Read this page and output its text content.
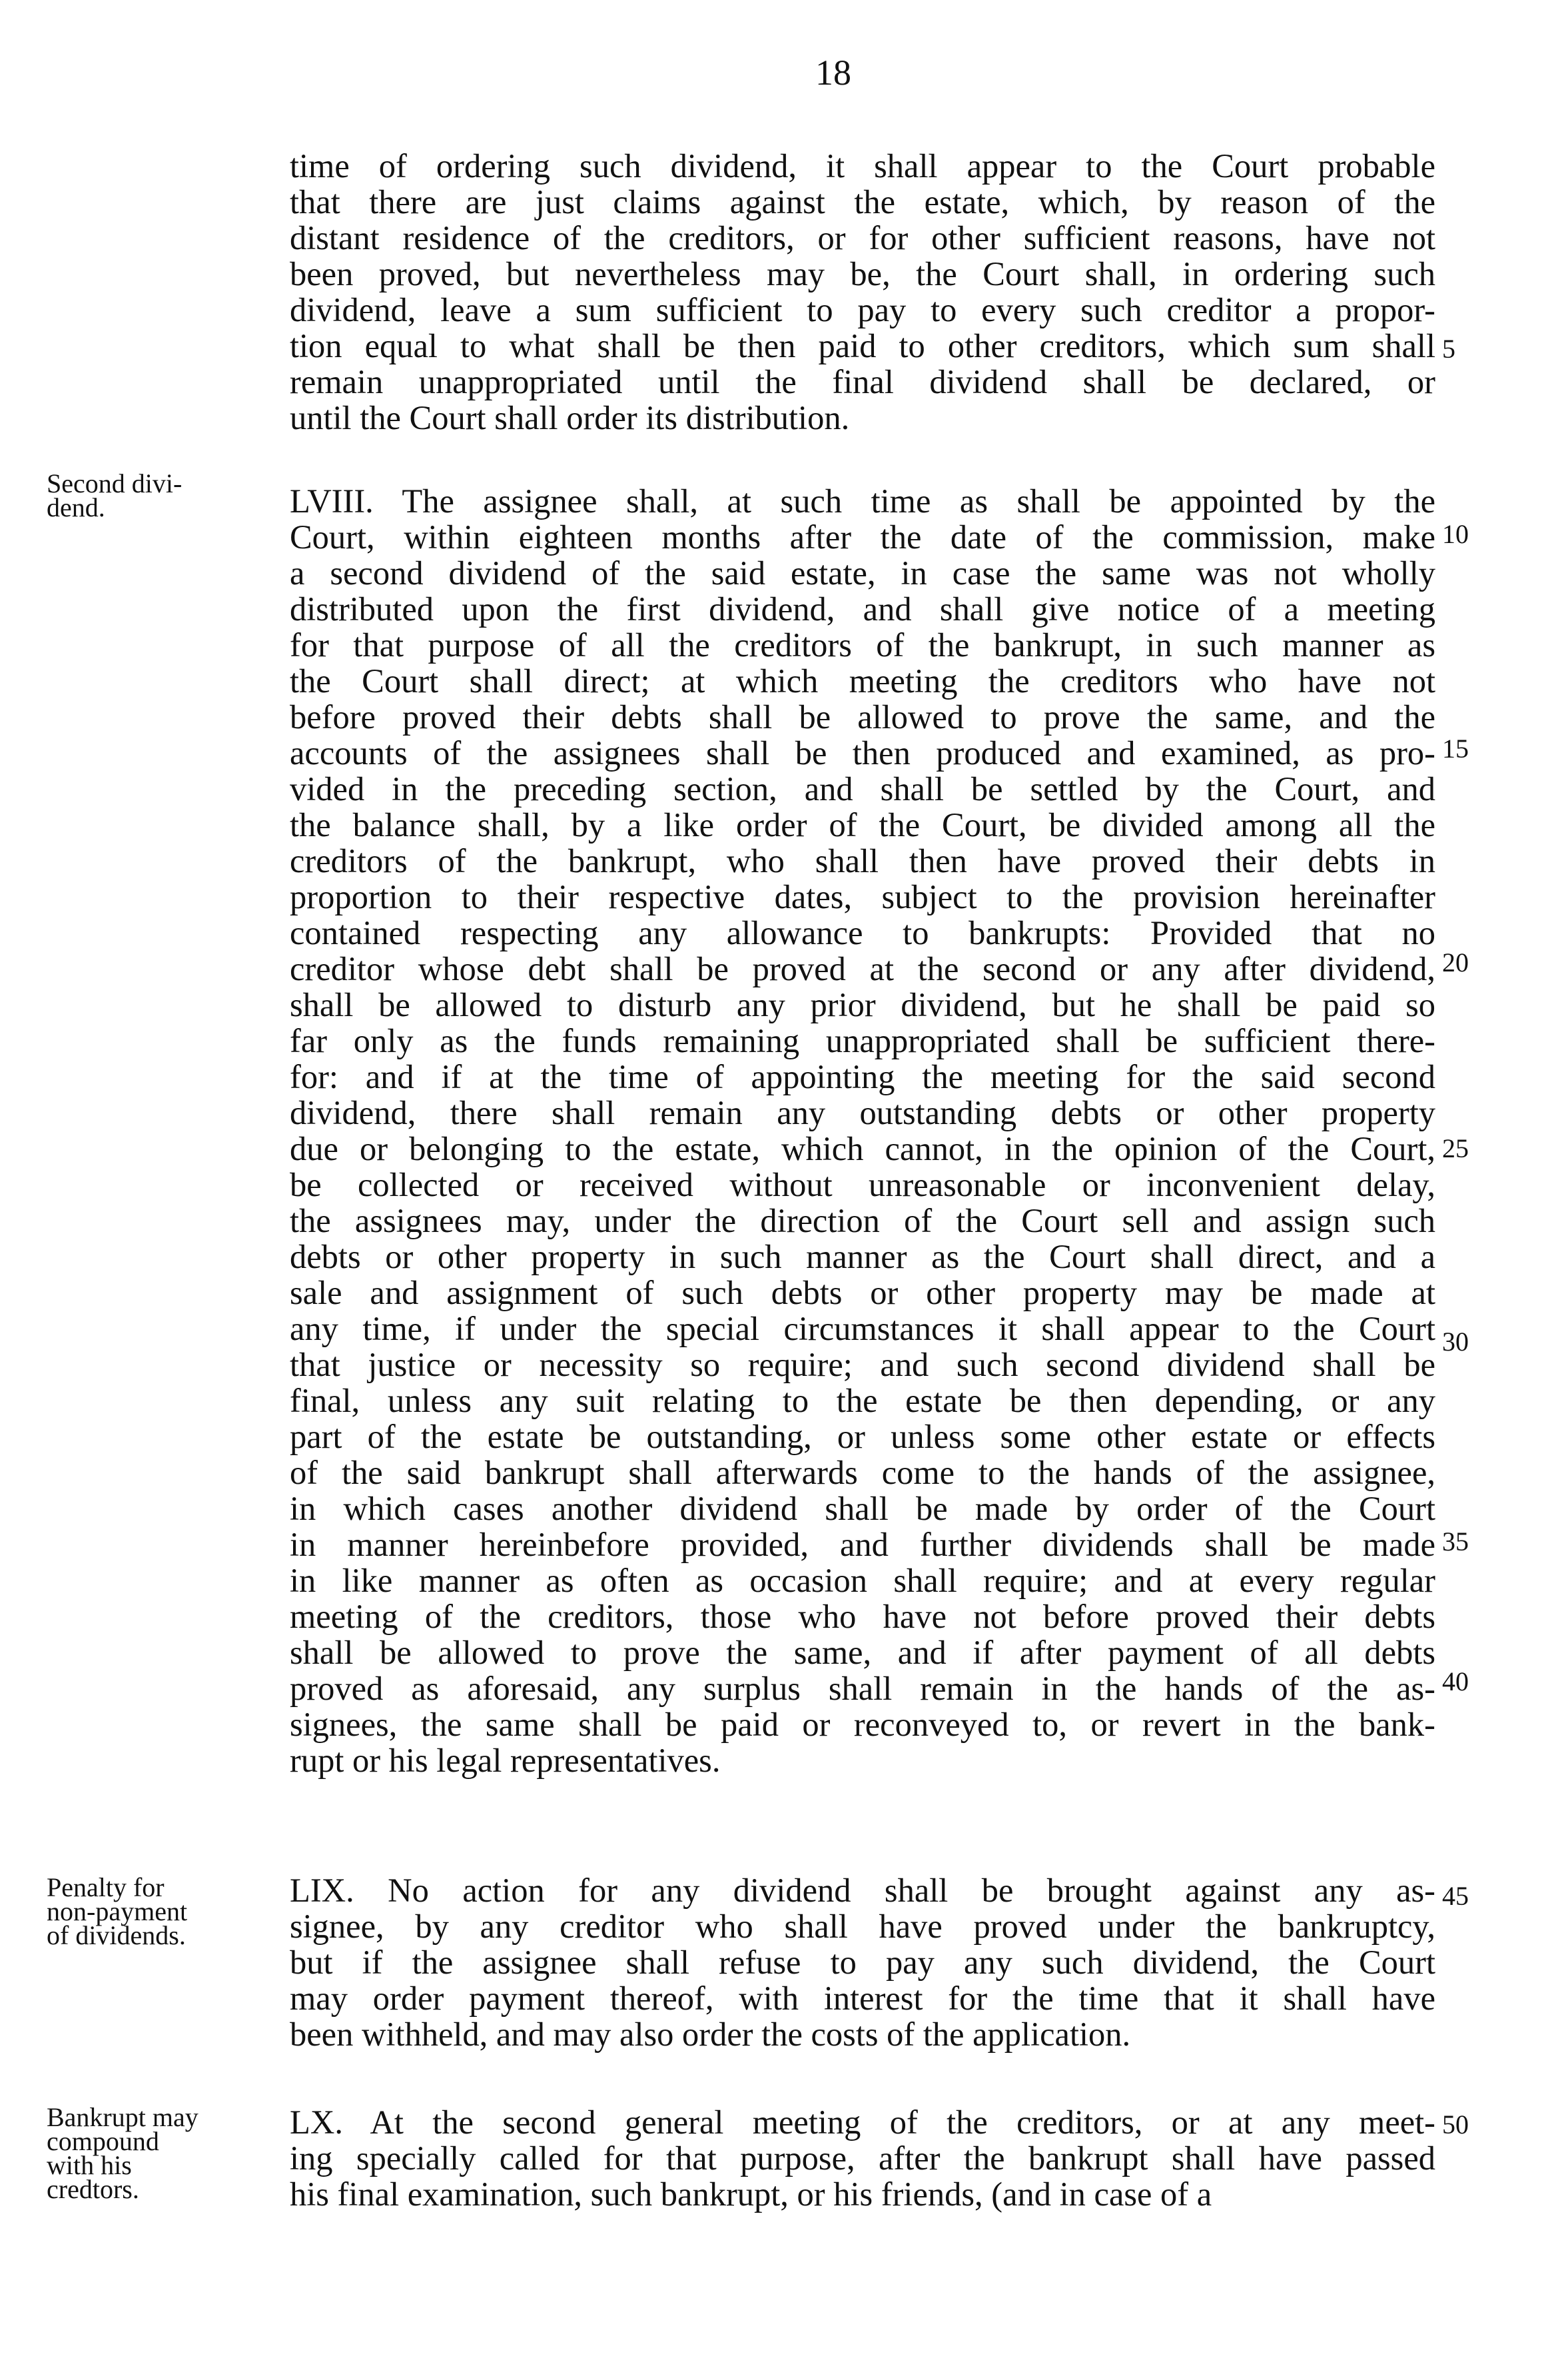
18
time of ordering such dividend, it shall appear to the Court probable
that there are just claims against the estate, which, by reason of the
distant residence of the creditors, or for other sufficient reasons, have not
been proved, but nevertheless may be, the Court shall, in ordering such
dividend, leave a sum sufficient to pay to every such creditor a propor-
tion equal to what shall be then paid to other creditors, which sum shall
remain unappropriated until the final dividend shall be declared, or
until the Court shall order its distribution.
Second divi-
dend.	LVIII. The assignee shall, at such time as shall be appointed by the
Court, within eighteen months after the date of the commission, make
a second dividend of the said estate, in case the same was not wholly
distributed upon the first dividend, and shall give notice of a meeting
for that purpose of all the creditors of the bankrupt, in such manner as
the Court shall direct; at which meeting the creditors who have not
before proved their debts shall be allowed to prove the same, and the
accounts of the assignees shall be then produced and examined, as pro-
vided in the preceding section, and shall be settled by the Court, and
the balance shall, by a like order of the Court, be divided among all the
creditors of the bankrupt, who shall then have proved their debts in
proportion to their respective dates, subject to the provision hereinafter
contained respecting any allowance to bankrupts: Provided that no
creditor whose debt shall be proved at the second or any after dividend,
shall be allowed to disturb any prior dividend, but he shall be paid so
far only as the funds remaining unappropriated shall be sufficient there-
for: and if at the time of appointing the meeting for the said second
dividend, there shall remain any outstanding debts or other property
due or belonging to the estate, which cannot, in the opinion of the Court,
be collected or received without unreasonable or inconvenient delay,
the assignees may, under the direction of the Court sell and assign such
debts or other property in such manner as the Court shall direct, and a
sale and assignment of such debts or other property may be made at
any time, if under the special circumstances it shall appear to the Court
that justice or necessity so require; and such second dividend shall be
final, unless any suit relating to the estate be then depending, or any
part of the estate be outstanding, or unless some other estate or effects
of the said bankrupt shall afterwards come to the hands of the assignee,
in which cases another dividend shall be made by order of the Court
in manner hereinbefore provided, and further dividends shall be made
in like manner as often as occasion shall require; and at every regular
meeting of the creditors, those who have not before proved their debts
shall be allowed to prove the same, and if after payment of all debts
proved as aforesaid, any surplus shall remain in the hands of the as-
signees, the same shall be paid or reconveyed to, or revert in the bank-
rupt or his legal representatives.
Penalty for
non-payment
of dividends.
LIX. No action for any dividend shall be brought against any as-
signee, by any creditor who shall have proved under the bankruptcy,
but if the assignee shall refuse to pay any such dividend, the Court
may order payment thereof, with interest for the time that it shall have
been withheld, and may also order the costs of the application.
Bankrupt may
compound
with his
credtors.
LX. At the second general meeting of the creditors, or at any meet-
ing specially called for that purpose, after the bankrupt shall have passed
his final examination, such bankrupt, or his friends, (and in case of a
5
10
15
20
25
30
35
40
45
50
